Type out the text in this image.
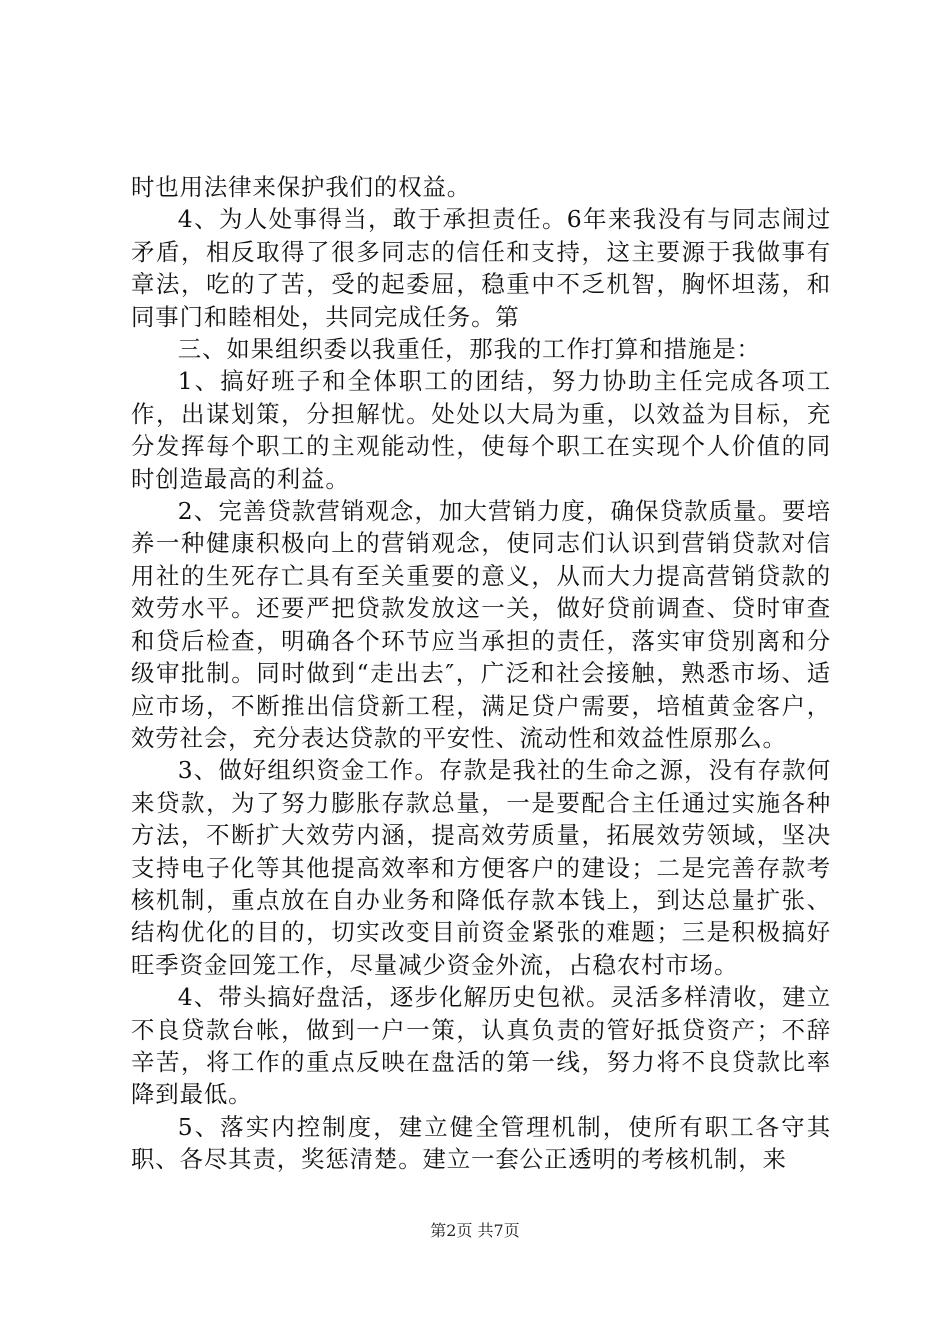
时也用法律来保护我们的权益。

4、为人处事得当，敢于承担责任。6年来我没有与同志闹过矛盾，相反取得了很多同志的信任和支持，这主要源于我做事有章法，吃的了苦，受的起委屈，稳重中不乏机智，胸怀坦荡，和同事门和睦相处，共同完成任务。第

三、如果组织委以我重任，那我的工作打算和措施是：

1、搞好班子和全体职工的团结，努力协助主任完成各项工作，出谋划策，分担解忧。处处以大局为重，以效益为目标，充分发挥每个职工的主观能动性，使每个职工在实现个人价值的同时创造最高的利益。

2、完善贷款营销观念，加大营销力度，确保贷款质量。要培养一种健康积极向上的营销观念，使同志们认识到营销贷款对信用社的生死存亡具有至关重要的意义，从而大力提高营销贷款的效劳水平。还要严把贷款发放这一关，做好贷前调查、贷时审查和贷后检查，明确各个环节应当承担的责任，落实审贷别离和分级审批制。同时做到“走出去″，广泛和社会接触，熟悉市场、适应市场，不断推出信贷新工程，满足贷户需要，培植黄金客户，效劳社会，充分表达贷款的平安性、流动性和效益性原那么。

3、做好组织资金工作。存款是我社的生命之源，没有存款何来贷款，为了努力膨胀存款总量，一是要配合主任通过实施各种方法，不断扩大效劳内涵，提高效劳质量，拓展效劳领域，坚决支持电子化等其他提高效率和方便客户的建设；二是完善存款考核机制，重点放在自办业务和降低存款本钱上，到达总量扩张、结构优化的目的，切实改变目前资金紧张的难题；三是积极搞好旺季资金回笼工作，尽量减少资金外流，占稳农村市场。

4、带头搞好盘活，逐步化解历史包袱。灵活多样清收，建立不良贷款台帐，做到一户一策，认真负责的管好抵贷资产；不辞辛苦，将工作的重点反映在盘活的第一线，努力将不良贷款比率降到最低。

5、落实内控制度，建立健全管理机制，使所有职工各守其职、各尽其责，奖惩清楚。建立一套公正透明的考核机制，来

第2页 共7页
